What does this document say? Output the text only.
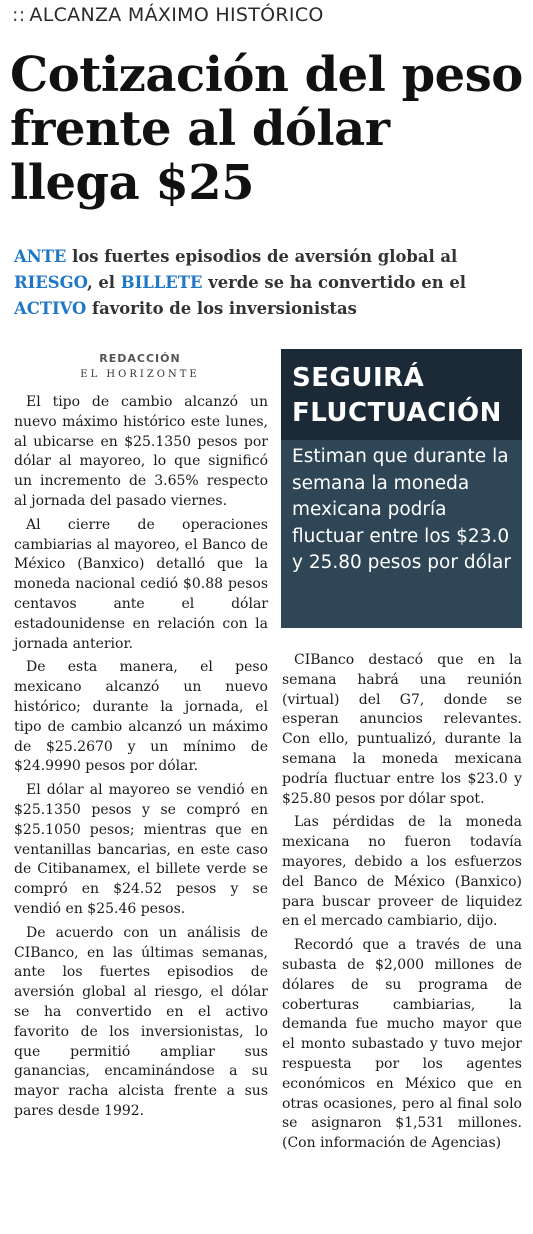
:: ALCANZA MÁXIMO HISTÓRICO
Cotización del peso frente al dólar llega $25

ANTE los fuertes episodios de aversión global al RIESGO, el BILLETE verde se ha convertido en el ACTIVO favorito de los inversionistas

REDACCIÓN
EL HORIZONTE

El tipo de cambio alcanzó un nuevo máximo histórico este lunes, al ubicarse en $25.1350 pesos por dólar al mayoreo, lo que significó un incremento de 3.65% respecto al jornada del pasado viernes.

Al cierre de operaciones cambiarias al mayoreo, el Banco de México (Banxico) detalló que la moneda nacional cedió $0.88 pesos centavos ante el dólar estadounidense en relación con la jornada anterior.

De esta manera, el peso mexicano alcanzó un nuevo histórico; durante la jornada, el tipo de cambio alcanzó un máximo de $25.2670 y un mínimo de $24.9990 pesos por dólar.

El dólar al mayoreo se vendió en $25.1350 pesos y se compró en $25.1050 pesos; mientras que en ventanillas bancarias, en este caso de Citibanamex, el billete verde se compró en $24.52 pesos y se vendió en $25.46 pesos.

De acuerdo con un análisis de CIBanco, en las últimas semanas, ante los fuertes episodios de aversión global al riesgo, el dólar se ha convertido en el activo favorito de los inversionistas, lo que permitió ampliar sus ganancias, encaminándose a su mayor racha alcista frente a sus pares desde 1992.

SEGUIRÁ FLUCTUACIÓN
Estiman que durante la semana la moneda mexicana podría fluctuar entre los $23.0 y 25.80 pesos por dólar

CIBanco destacó que en la semana habrá una reunión (virtual) del G7, donde se esperan anuncios relevantes. Con ello, puntualizó, durante la semana la moneda mexicana podría fluctuar entre los $23.0 y $25.80 pesos por dólar spot.

Las pérdidas de la moneda mexicana no fueron todavía mayores, debido a los esfuerzos del Banco de México (Banxico) para buscar proveer de liquidez en el mercado cambiario, dijo.

Recordó que a través de una subasta de $2,000 millones de dólares de su programa de coberturas cambiarias, la demanda fue mucho mayor que el monto subastado y tuvo mejor respuesta por los agentes económicos en México que en otras ocasiones, pero al final solo se asignaron $1,531 millones. (Con información de Agencias)
